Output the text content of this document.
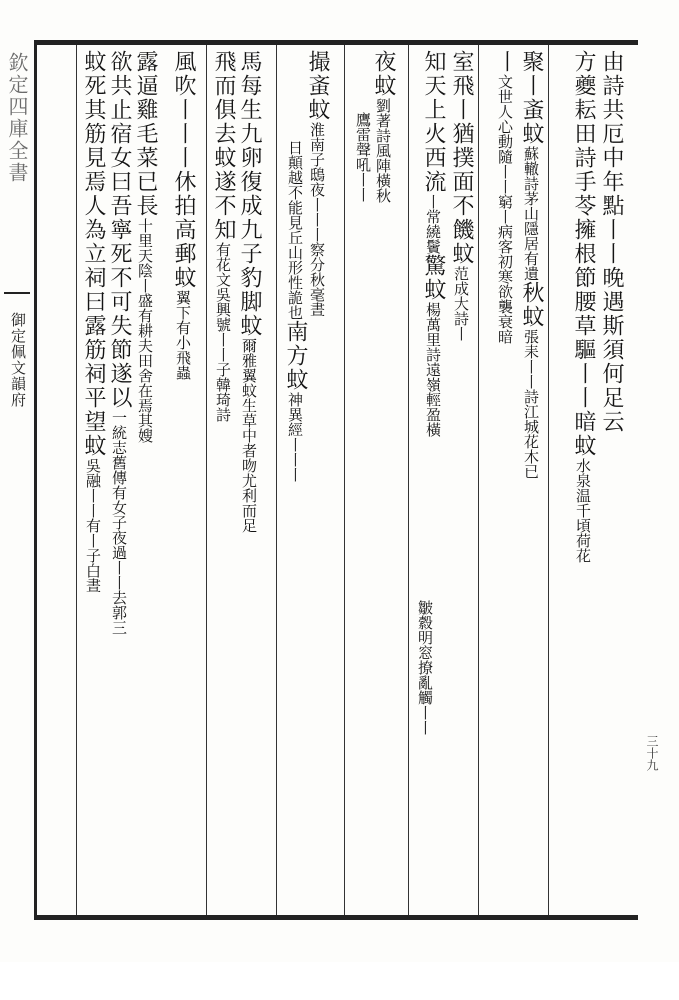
欽定四庫全書
御定佩文韻府
三十九
由詩共厄中年點丨丨晚遇斯須何足云
方夔耘田詩手苓擁根節腰草驅丨丨暗蚊水泉温千頃荷花
聚丨蚉蚊蘇轍詩茅山隱居有遺秋蚊張耒丨丨詩江城花木已
丨文世人心動隨丨丨窮丨病客初寒欲襲衰暗
室飛丨猶撲面不饑蚊范成大詩丨
知天上火西流丨常繞鬢驚蚊楊萬里詩遠嶺輕盈橫
皺縠明窓撩亂觸丨丨
夜蚊劉著詩風陣橫秋
鷹雷聲吼丨丨
撮蚉蚊淮南子鴟夜丨丨丨察分秋毫晝
日顛越不能見丘山形性詭也南方蚊神異經丨丨丨
馬每生九卵復成九子豹脚蚊爾雅翼蚊生草中者吻尤利而足
飛而俱去蚊遂不知有花文吳興號丨丨子韓琦詩
風吹丨丨丨休拍高郵蚊翼下有小飛蟲
露逼雞毛菜已長十里天陰丨盛有耕夫田舍在焉其嫂
欲共止宿女曰吾寧死不可失節遂以一統志舊傳有女子夜過丨丨去郭三
蚊死其筋見焉人為立祠曰露筋祠平望蚊吳融丨丨有丨子白晝
